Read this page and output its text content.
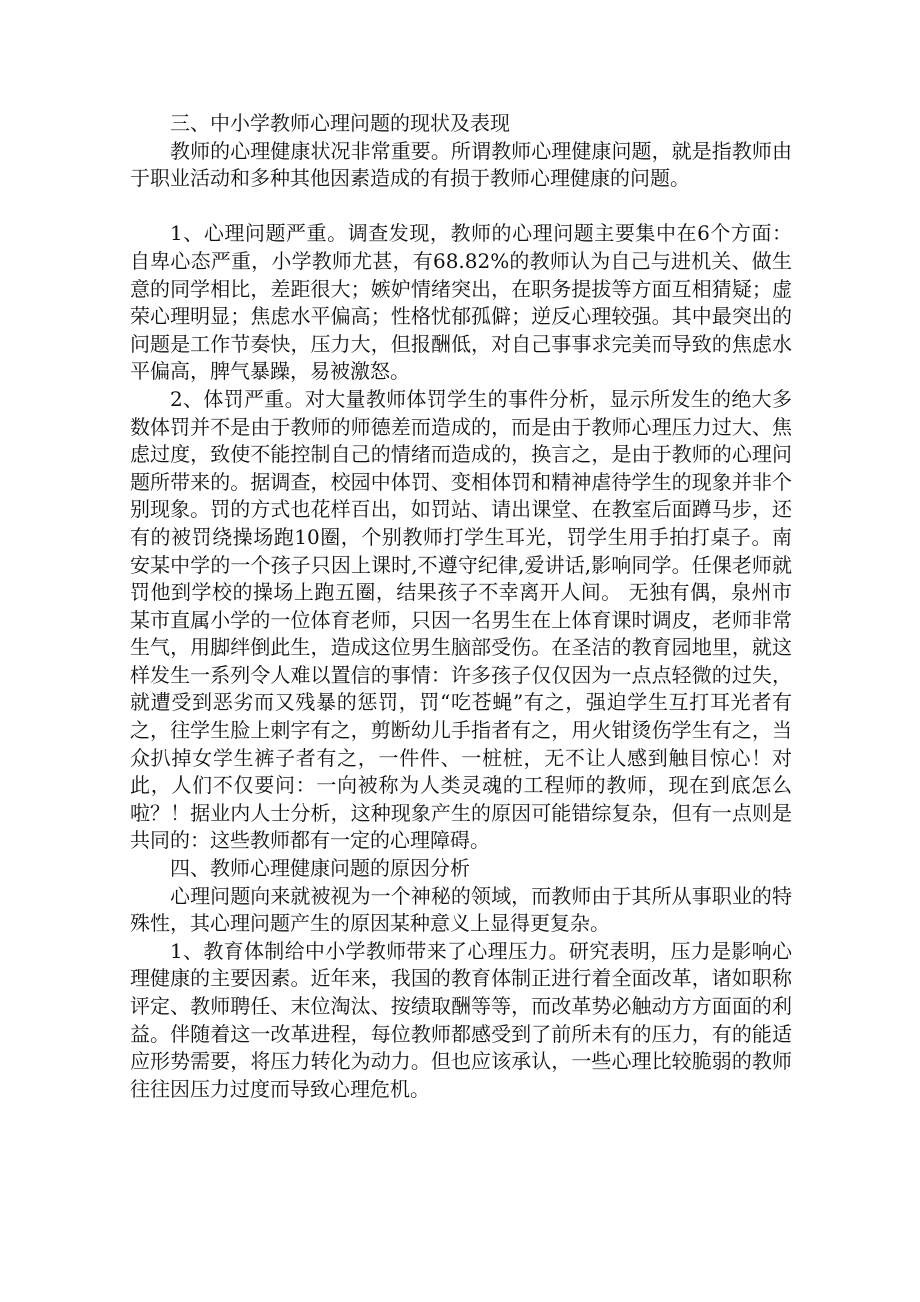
三、中小学教师心理问题的现状及表现

教师的心理健康状况非常重要。所谓教师心理健康问题，就是指教师由于职业活动和多种其他因素造成的有损于教师心理健康的问题。

1、心理问题严重。调查发现，教师的心理问题主要集中在6个方面：自卑心态严重，小学教师尤甚，有68.82%的教师认为自己与进机关、做生意的同学相比，差距很大；嫉妒情绪突出，在职务提拔等方面互相猜疑；虚荣心理明显；焦虑水平偏高；性格忧郁孤僻；逆反心理较强。其中最突出的问题是工作节奏快，压力大，但报酬低，对自己事事求完美而导致的焦虑水平偏高，脾气暴躁，易被激怒。

2、体罚严重。对大量教师体罚学生的事件分析，显示所发生的绝大多数体罚并不是由于教师的师德差而造成的，而是由于教师心理压力过大、焦虑过度，致使不能控制自己的情绪而造成的，换言之，是由于教师的心理问题所带来的。据调查，校园中体罚、变相体罚和精神虐待学生的现象并非个别现象。罚的方式也花样百出，如罚站、请出课堂、在教室后面蹲马步，还有的被罚绕操场跑10圈，个别教师打学生耳光，罚学生用手拍打桌子。南安某中学的一个孩子只因上课时,不遵守纪律,爱讲话,影响同学。任倮老师就罚他到学校的操场上跑五圈，结果孩子不幸离开人间。 无独有偶，泉州市某市直属小学的一位体育老师，只因一名男生在上体育课时调皮，老师非常生气，用脚绊倒此生，造成这位男生脑部受伤。在圣洁的教育园地里，就这样发生一系列令人难以置信的事情：许多孩子仅仅因为一点点轻微的过失，就遭受到恶劣而又残暴的惩罚，罚“吃苍蝇”有之，强迫学生互打耳光者有之，往学生脸上刺字有之，剪断幼儿手指者有之，用火钳烫伤学生有之，当众扒掉女学生裤子者有之，一件件、一桩桩，无不让人感到触目惊心！对此，人们不仅要问：一向被称为人类灵魂的工程师的教师，现在到底怎么啦？！据业内人士分析，这种现象产生的原因可能错综复杂，但有一点则是共同的：这些教师都有一定的心理障碍。

四、教师心理健康问题的原因分析

心理问题向来就被视为一个神秘的领域，而教师由于其所从事职业的特殊性，其心理问题产生的原因某种意义上显得更复杂。

1、教育体制给中小学教师带来了心理压力。研究表明，压力是影响心理健康的主要因素。近年来，我国的教育体制正进行着全面改革，诸如职称评定、教师聘任、末位淘汰、按绩取酬等等，而改革势必触动方方面面的利益。伴随着这一改革进程，每位教师都感受到了前所未有的压力，有的能适应形势需要，将压力转化为动力。但也应该承认，一些心理比较脆弱的教师往往因压力过度而导致心理危机。
